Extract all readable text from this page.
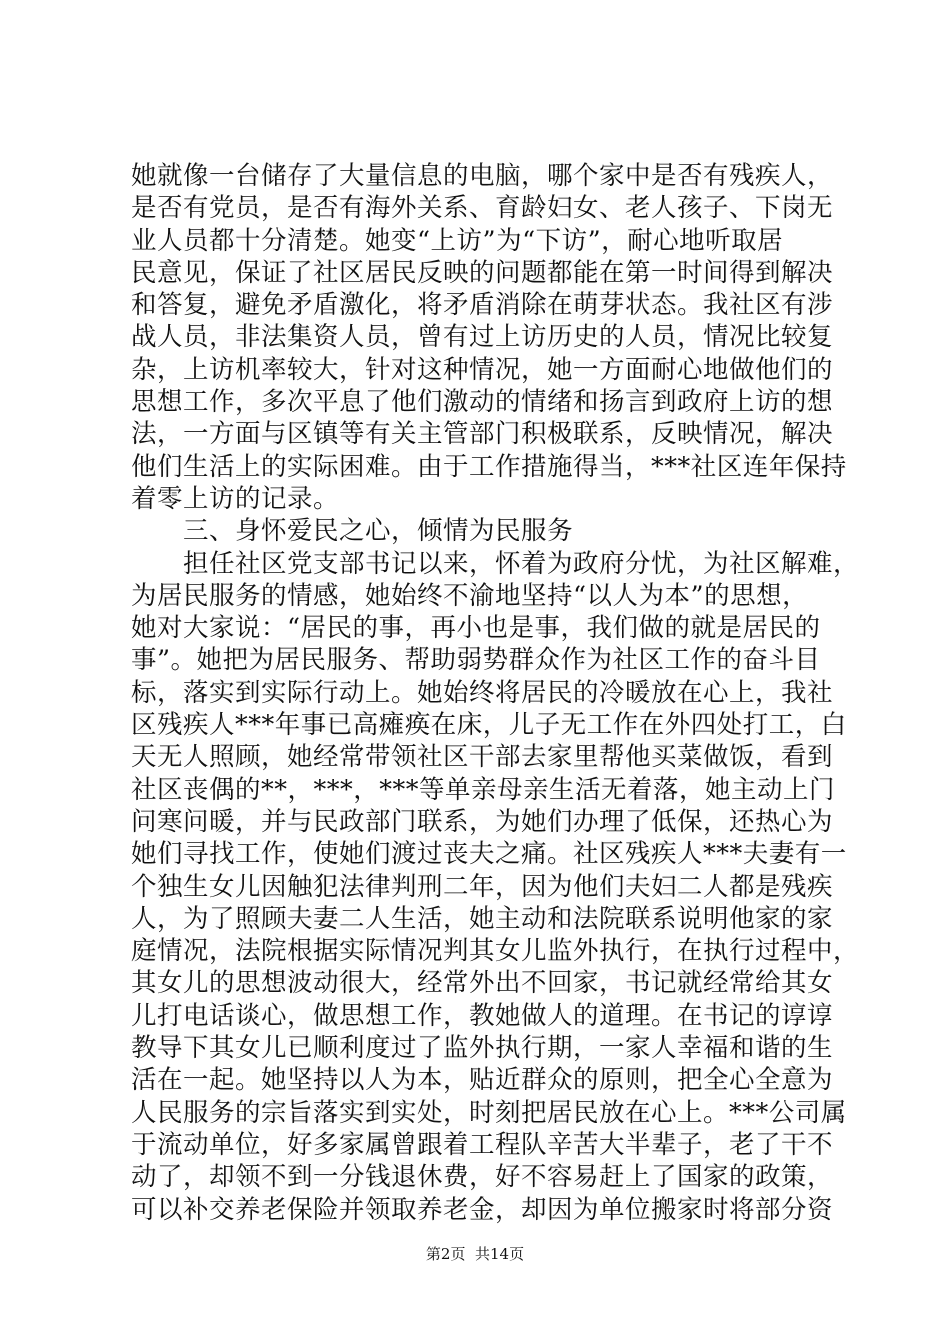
她就像一台储存了大量信息的电脑，哪个家中是否有残疾人，
是否有党员，是否有海外关系、育龄妇女、老人孩子、下岗无
业人员都十分清楚。她变“上访”为“下访”，耐心地听取居
民意见，保证了社区居民反映的问题都能在第一时间得到解决
和答复，避免矛盾激化，将矛盾消除在萌芽状态。我社区有涉
战人员，非法集资人员，曾有过上访历史的人员，情况比较复
杂，上访机率较大，针对这种情况，她一方面耐心地做他们的
思想工作，多次平息了他们激动的情绪和扬言到政府上访的想
法，一方面与区镇等有关主管部门积极联系，反映情况，解决
他们生活上的实际困难。由于工作措施得当，***社区连年保持
着零上访的记录。
　　三、身怀爱民之心，倾情为民服务
　　担任社区党支部书记以来，怀着为政府分忧，为社区解难，
为居民服务的情感，她始终不渝地坚持“以人为本”的思想，
她对大家说：“居民的事，再小也是事，我们做的就是居民的
事”。她把为居民服务、帮助弱势群众作为社区工作的奋斗目
标，落实到实际行动上。她始终将居民的冷暖放在心上，我社
区残疾人***年事已高瘫痪在床，儿子无工作在外四处打工，白
天无人照顾，她经常带领社区干部去家里帮他买菜做饭，看到
社区丧偶的**，***，***等单亲母亲生活无着落，她主动上门
问寒问暖，并与民政部门联系，为她们办理了低保，还热心为
她们寻找工作，使她们渡过丧夫之痛。社区残疾人***夫妻有一
个独生女儿因触犯法律判刑二年，因为他们夫妇二人都是残疾
人，为了照顾夫妻二人生活，她主动和法院联系说明他家的家
庭情况，法院根据实际情况判其女儿监外执行，在执行过程中，
其女儿的思想波动很大，经常外出不回家，书记就经常给其女
儿打电话谈心，做思想工作，教她做人的道理。在书记的谆谆
教导下其女儿已顺利度过了监外执行期，一家人幸福和谐的生
活在一起。她坚持以人为本，贴近群众的原则，把全心全意为
人民服务的宗旨落实到实处，时刻把居民放在心上。***公司属
于流动单位，好多家属曾跟着工程队辛苦大半辈子，老了干不
动了，却领不到一分钱退休费，好不容易赶上了国家的政策，
可以补交养老保险并领取养老金，却因为单位搬家时将部分资
第2页  共14页
